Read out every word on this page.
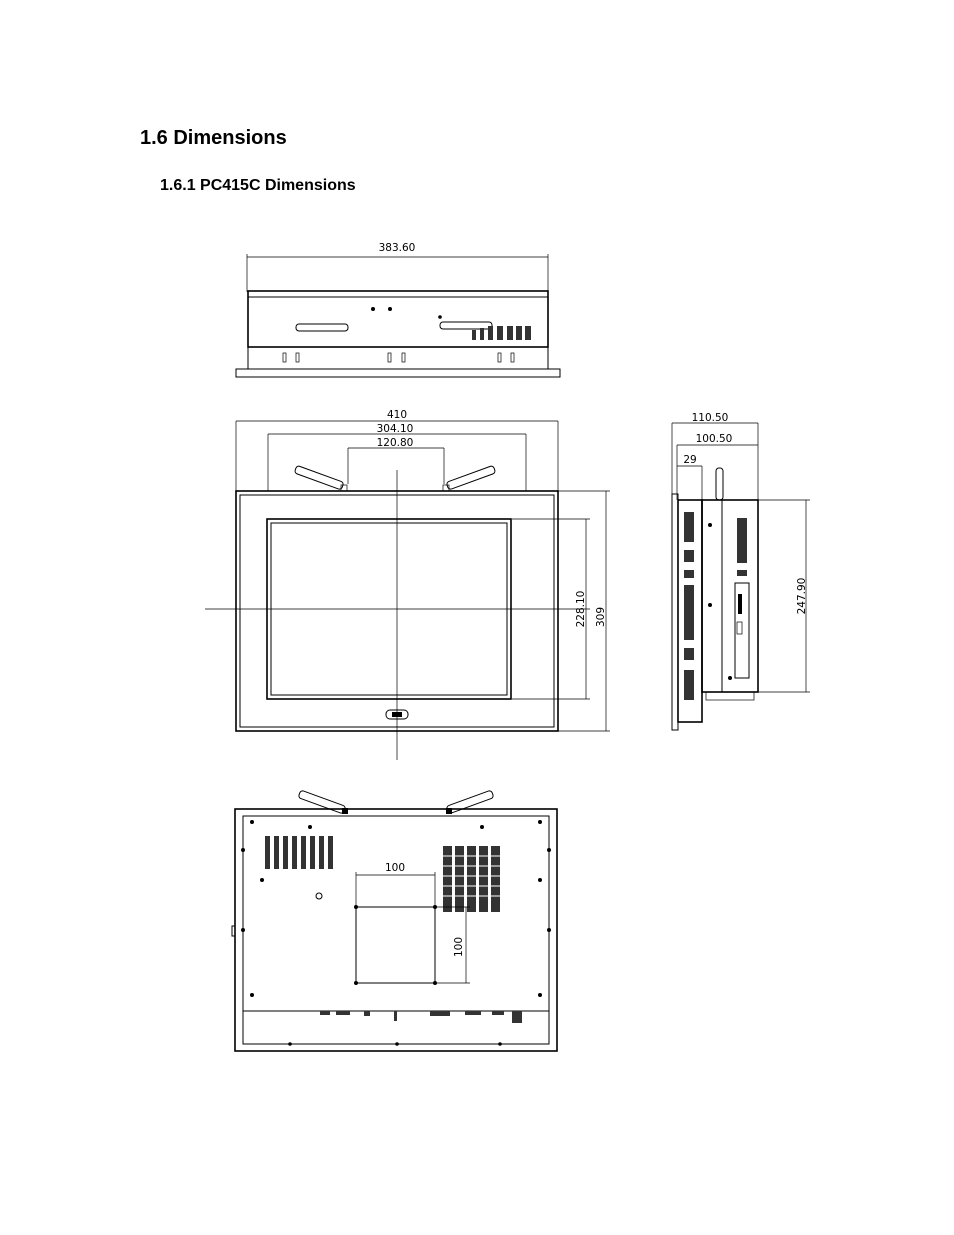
1.6 Dimensions
1.6.1 PC415C Dimensions
383.60
410
304.10
120.80
228.10 309
110.50
100.50
29
247.90
100
100
